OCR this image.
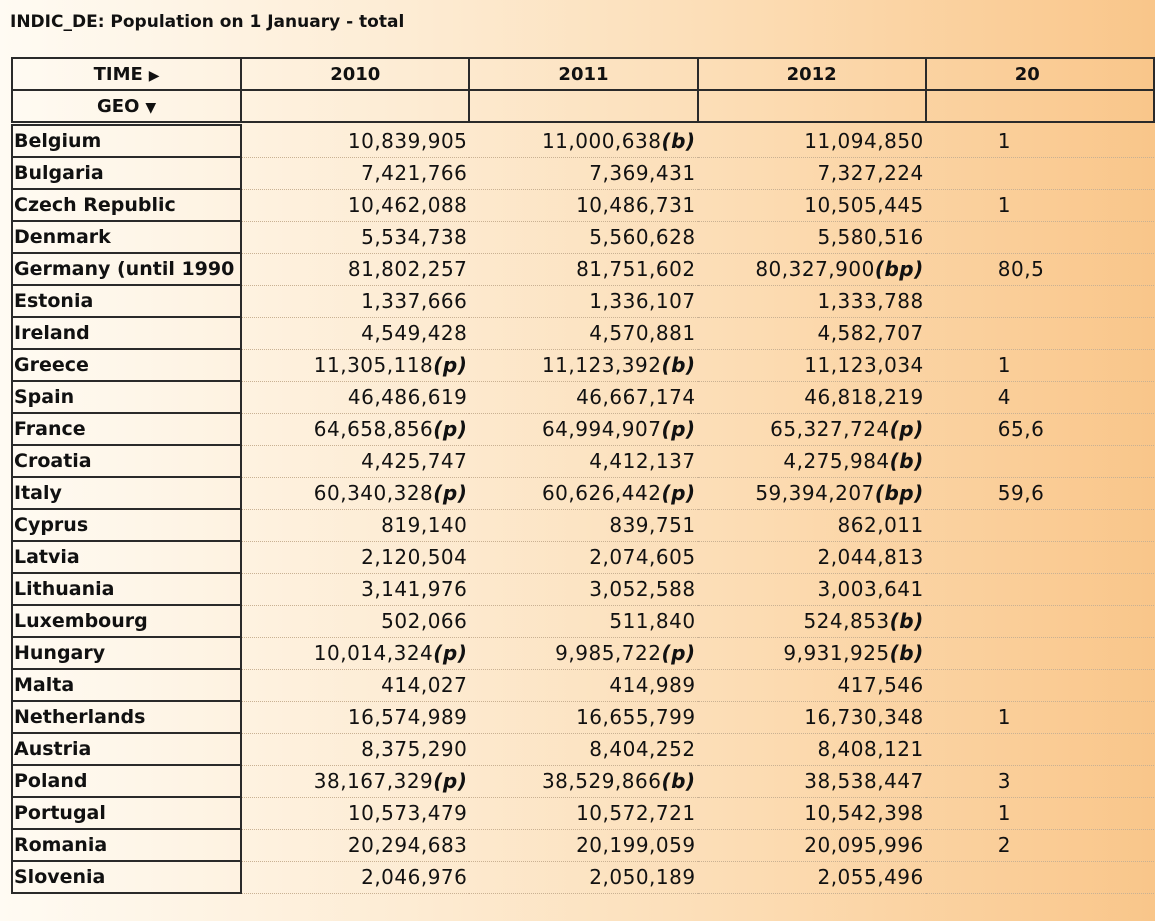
INDIC_DE: Population on 1 January - total
TIME ▶	2010	2011	2012	20
GEO ▼				

Belgium	10,839,905	11,000,638(b)	11,094,850	1
Bulgaria	7,421,766	7,369,431	7,327,224	
Czech Republic	10,462,088	10,486,731	10,505,445	1
Denmark	5,534,738	5,560,628	5,580,516	
Germany (until 1990	81,802,257	81,751,602	80,327,900(bp)	80,5
Estonia	1,337,666	1,336,107	1,333,788	
Ireland	4,549,428	4,570,881	4,582,707	
Greece	11,305,118(p)	11,123,392(b)	11,123,034	1
Spain	46,486,619	46,667,174	46,818,219	4
France	64,658,856(p)	64,994,907(p)	65,327,724(p)	65,6
Croatia	4,425,747	4,412,137	4,275,984(b)	
Italy	60,340,328(p)	60,626,442(p)	59,394,207(bp)	59,6
Cyprus	819,140	839,751	862,011	
Latvia	2,120,504	2,074,605	2,044,813	
Lithuania	3,141,976	3,052,588	3,003,641	
Luxembourg	502,066	511,840	524,853(b)	
Hungary	10,014,324(p)	9,985,722(p)	9,931,925(b)	
Malta	414,027	414,989	417,546	
Netherlands	16,574,989	16,655,799	16,730,348	1
Austria	8,375,290	8,404,252	8,408,121	
Poland	38,167,329(p)	38,529,866(b)	38,538,447	3
Portugal	10,573,479	10,572,721	10,542,398	1
Romania	20,294,683	20,199,059	20,095,996	2
Slovenia	2,046,976	2,050,189	2,055,496	
